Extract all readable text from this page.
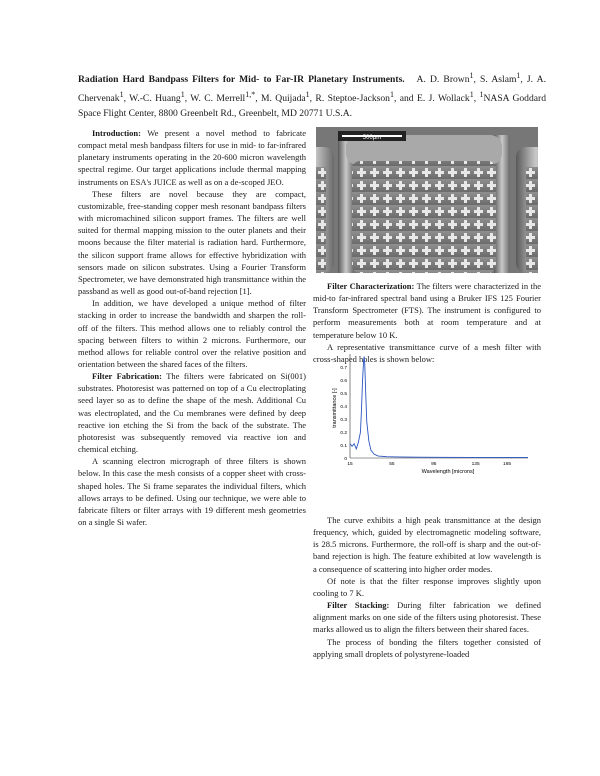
Radiation Hard Bandpass Filters for Mid- to Far-IR Planetary Instruments. A. D. Brown$^1$, S. Aslam$^1$, J. A. Chervenak$^1$, W.-C. Huang$^1$, W. C. Merrell$^{1,*}$, M. Quijada$^1$, R. Steptoe-Jackson$^1$, and E. J. Wollack$^1$, $^1$NASA Goddard Space Flight Center, 8800 Greenbelt Rd., Greenbelt, MD 20771 U.S.A.

Introduction: We present a novel method to fabricate compact metal mesh bandpass filters for use in mid- to far-infrared planetary instruments operating in the 20-600 micron wavelength spectral regime. Our target applications include thermal mapping instruments on ESA's JUICE as well as on a de-scoped JEO.

These filters are novel because they are compact, customizable, free-standing copper mesh resonant bandpass filters with micromachined silicon support frames. The filters are well suited for thermal mapping mission to the outer planets and their moons because the filter material is radiation hard. Furthermore, the silicon support frame allows for effective hybridization with sensors made on silicon substrates. Using a Fourier Transform Spectrometer, we have demonstrated high transmittance within the passband as well as good out-of-band rejection [1].

In addition, we have developed a unique method of filter stacking in order to increase the bandwidth and sharpen the roll-off of the filters. This method allows one to reliably control the spacing between filters to within 2 microns. Furthermore, our method allows for reliable control over the relative position and orientation between the shared faces of the filters.

Filter Fabrication: The filters were fabricated on Si(001) substrates. Photoresist was patterned on top of a Cu electroplating seed layer so as to define the shape of the mesh. Additional Cu was electroplated, and the Cu membranes were defined by deep reactive ion etching the Si from the back of the substrate. The photoresist was subsequently removed via reactive ion and chemical etching.

A scanning electron micrograph of three filters is shown below. In this case the mesh consists of a copper sheet with cross-shaped holes. The Si frame separates the individual filters, which allows arrays to be defined. Using our technique, we were able to fabricate filters or filter arrays with 19 different mesh geometries on a single Si wafer.

500µm

Filter Characterization: The filters were characterized in the mid-to far-infrared spectral band using a Bruker IFS 125 Fourier Transform Spectrometer (FTS). The instrument is configured to perform measurements both at room temperature and at temperature below 10 K.

A representative transmittance curve of a mesh filter with cross-shaped holes is shown below:

transmittance [-]
Wavelength [microns]
0
0.1
0.2
0.3
0.4
0.5
0.6
0.7
15	55	95	135	165

The curve exhibits a high peak transmittance at the design frequency, which, guided by electromagnetic modeling software, is 28.5 microns. Furthermore, the roll-off is sharp and the out-of-band rejection is high. The feature exhibited at low wavelength is a consequence of scattering into higher order modes.

Of note is that the filter response improves slightly upon cooling to 7 K.

Filter Stacking: During filter fabrication we defined alignment marks on one side of the filters using photoresist. These marks allowed us to align the filters between their shared faces.

The process of bonding the filters together consisted of applying small droplets of polystyrene-loaded
